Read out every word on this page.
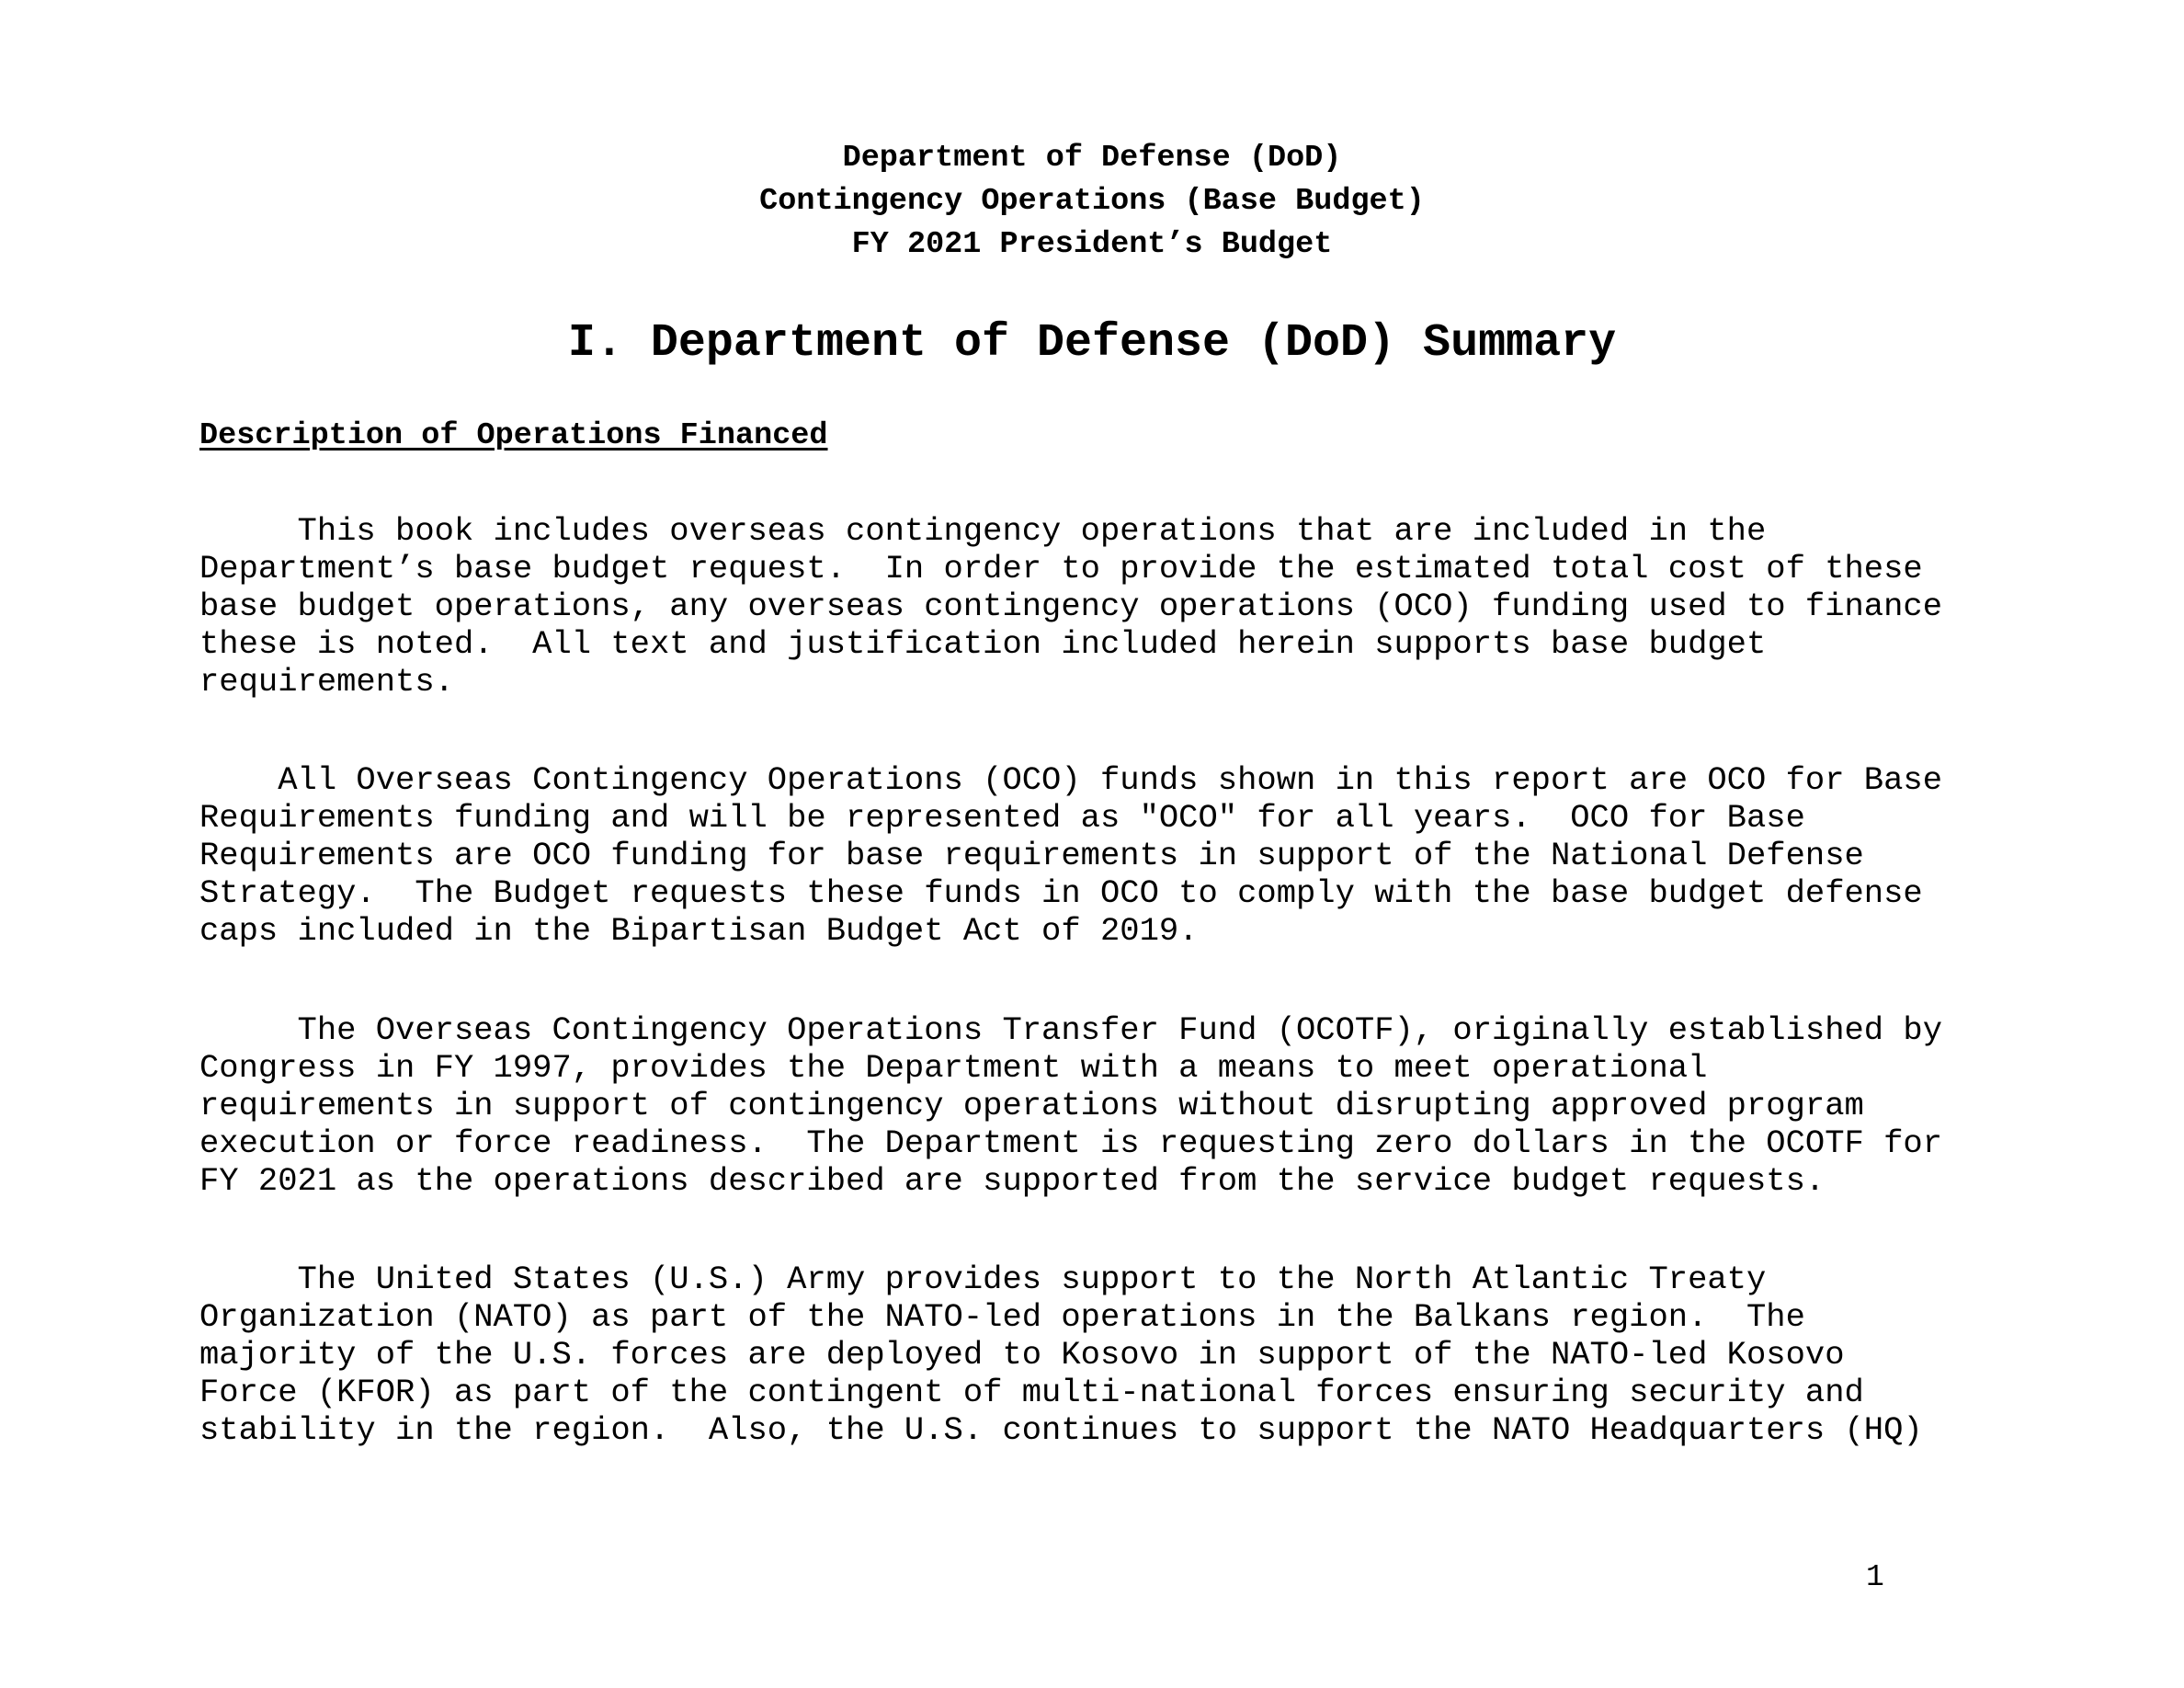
Department of Defense (DoD)
Contingency Operations (Base Budget)
FY 2021 President’s Budget
I. Department of Defense (DoD) Summary
Description of Operations Financed
This book includes overseas contingency operations that are included in the
Department’s base budget request.  In order to provide the estimated total cost of these
base budget operations, any overseas contingency operations (OCO) funding used to finance
these is noted.  All text and justification included herein supports base budget
requirements.
All Overseas Contingency Operations (OCO) funds shown in this report are OCO for Base
Requirements funding and will be represented as "OCO" for all years.  OCO for Base
Requirements are OCO funding for base requirements in support of the National Defense
Strategy.  The Budget requests these funds in OCO to comply with the base budget defense
caps included in the Bipartisan Budget Act of 2019.
The Overseas Contingency Operations Transfer Fund (OCOTF), originally established by
Congress in FY 1997, provides the Department with a means to meet operational
requirements in support of contingency operations without disrupting approved program
execution or force readiness.  The Department is requesting zero dollars in the OCOTF for
FY 2021 as the operations described are supported from the service budget requests.
The United States (U.S.) Army provides support to the North Atlantic Treaty
Organization (NATO) as part of the NATO-led operations in the Balkans region.  The
majority of the U.S. forces are deployed to Kosovo in support of the NATO-led Kosovo
Force (KFOR) as part of the contingent of multi-national forces ensuring security and
stability in the region.  Also, the U.S. continues to support the NATO Headquarters (HQ)
1
